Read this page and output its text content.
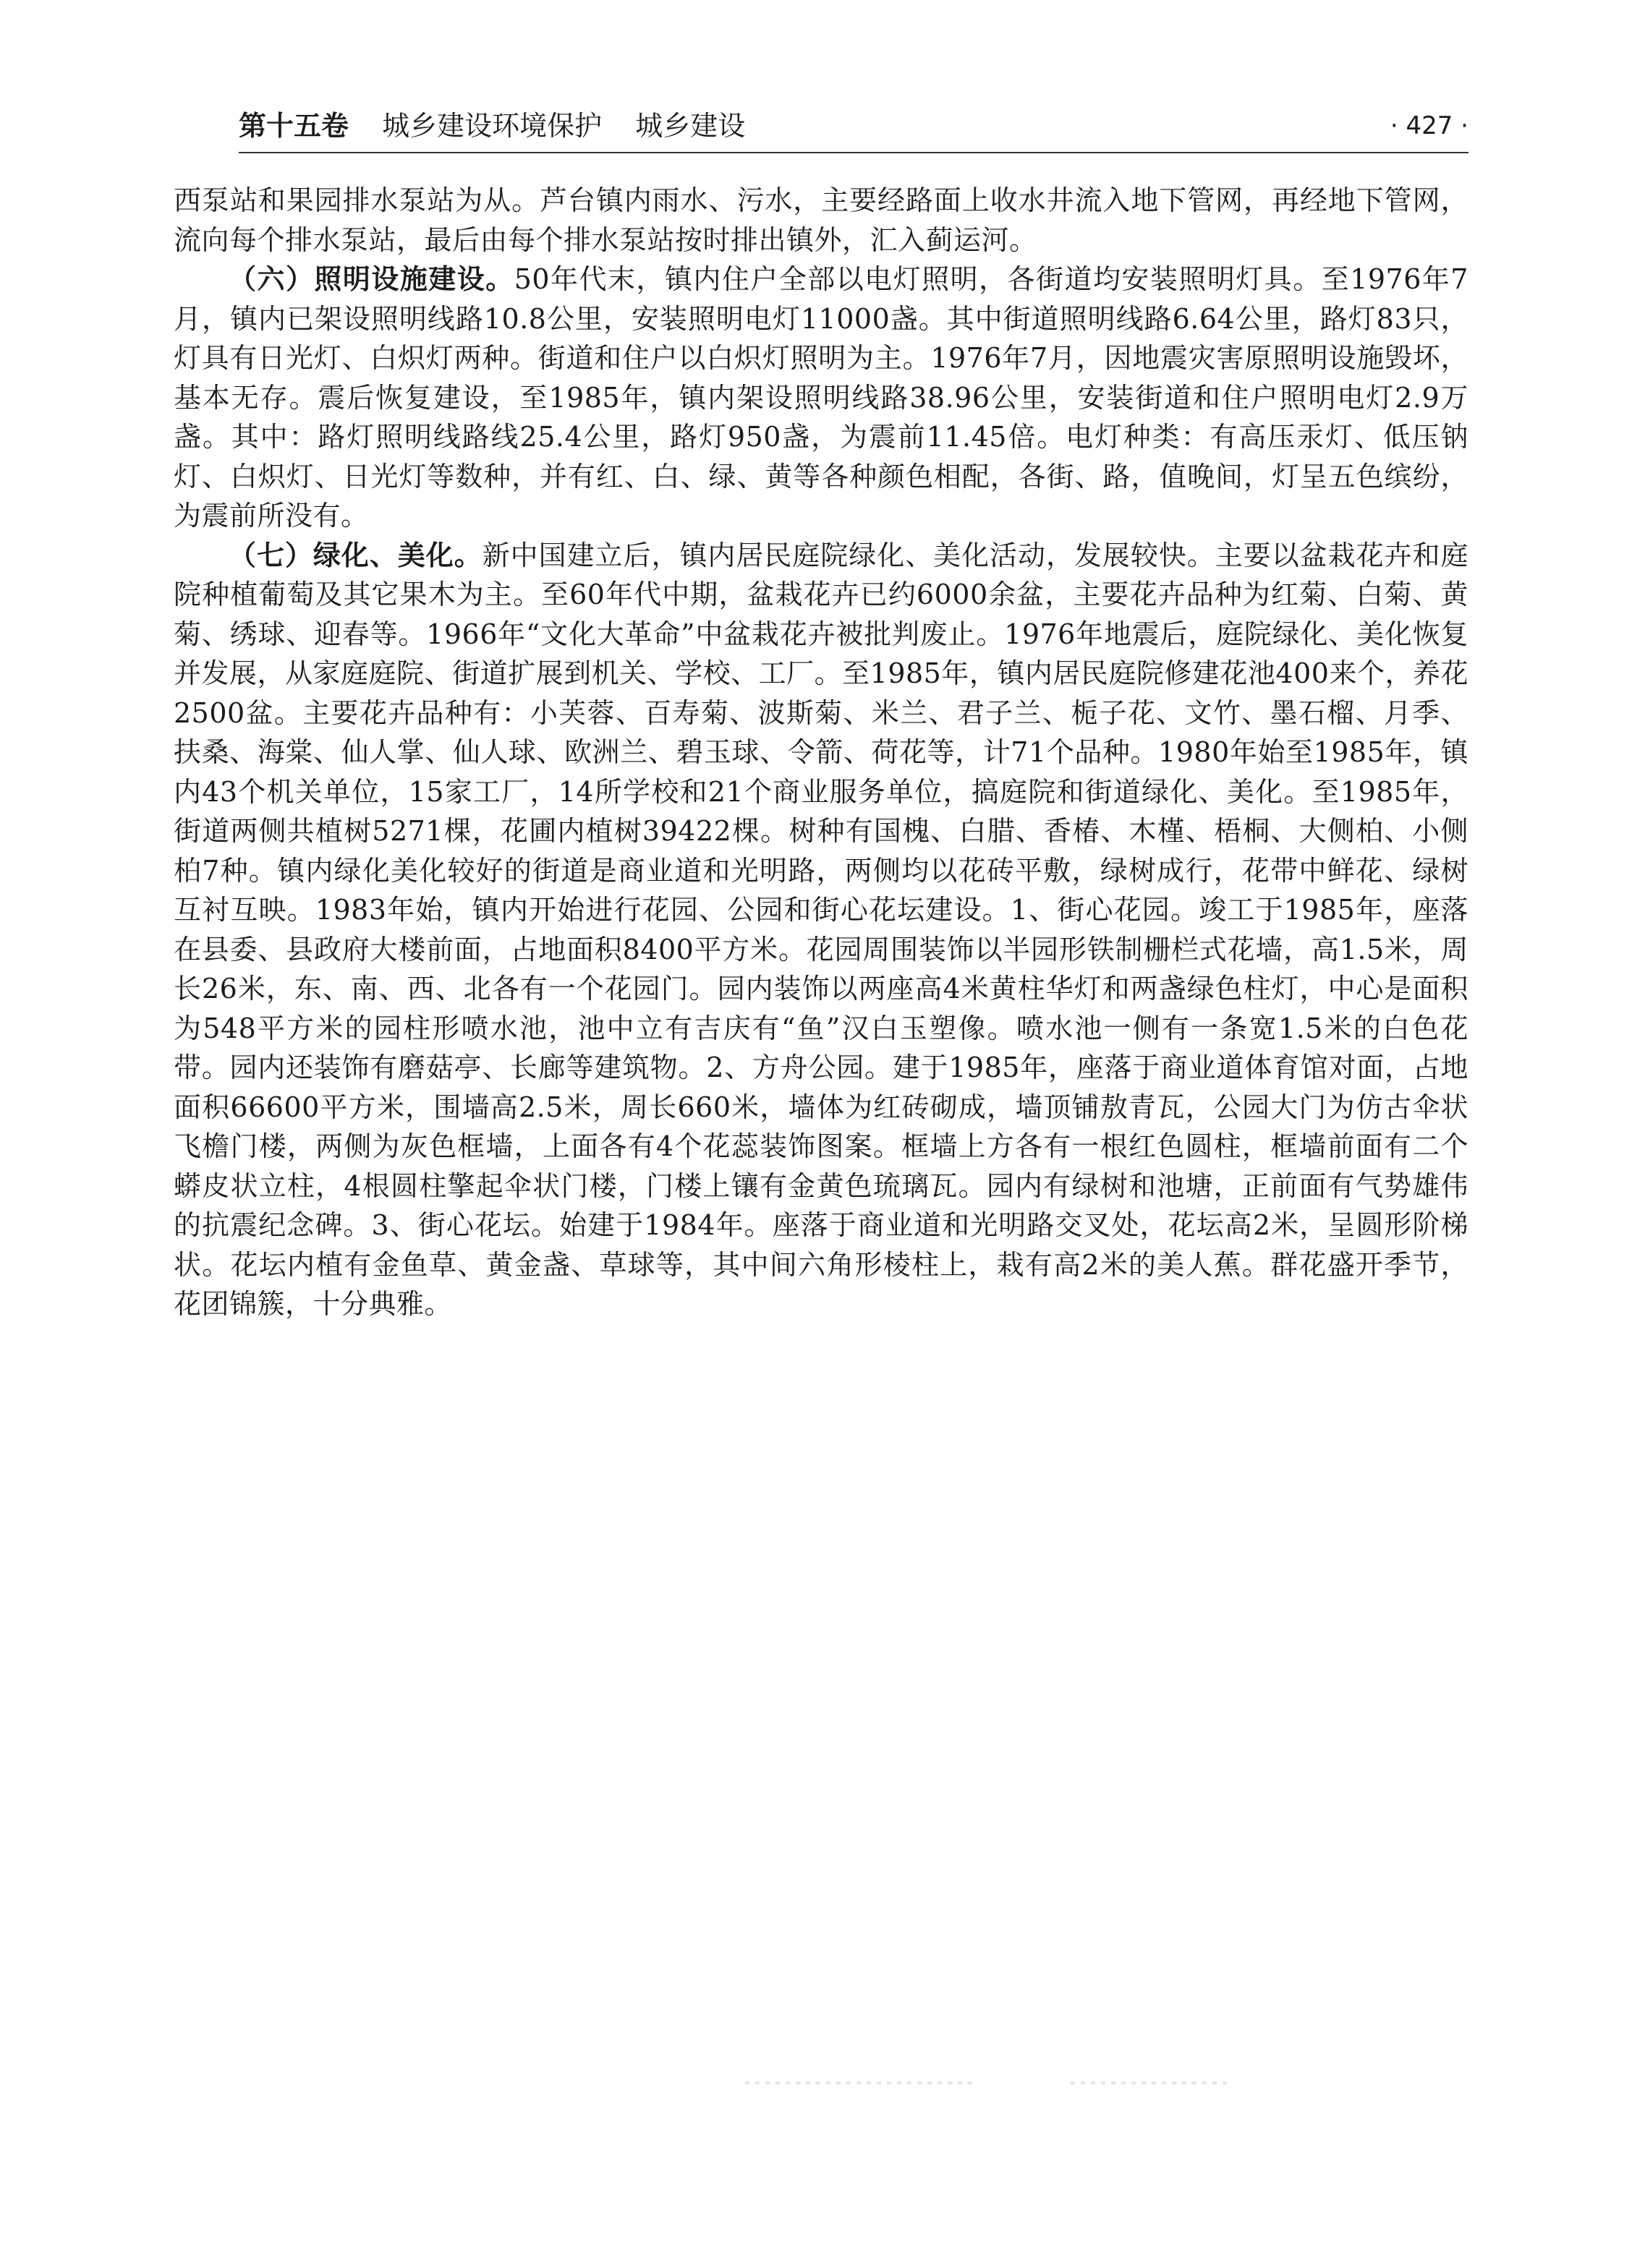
第十五卷 城乡建设环境保护 城乡建设	· 427 ·

西泵站和果园排水泵站为从。芦台镇内雨水、污水，主要经路面上收水井流入地下管网，再经地下管网，流向每个排水泵站，最后由每个排水泵站按时排出镇外，汇入蓟运河。

（六）照明设施建设。50年代末，镇内住户全部以电灯照明，各街道均安装照明灯具。至1976年7月，镇内已架设照明线路10.8公里，安装照明电灯11000盏。其中街道照明线路6.64公里，路灯83只，灯具有日光灯、白炽灯两种。街道和住户以白炽灯照明为主。1976年7月，因地震灾害原照明设施毁坏，基本无存。震后恢复建设，至1985年，镇内架设照明线路38.96公里，安装街道和住户照明电灯2.9万盏。其中：路灯照明线路线25.4公里，路灯950盏，为震前11.45倍。电灯种类：有高压汞灯、低压钠灯、白炽灯、日光灯等数种，并有红、白、绿、黄等各种颜色相配，各街、路，值晚间，灯呈五色缤纷，为震前所没有。

（七）绿化、美化。新中国建立后，镇内居民庭院绿化、美化活动，发展较快。主要以盆栽花卉和庭院种植葡萄及其它果木为主。至60年代中期，盆栽花卉已约6000余盆，主要花卉品种为红菊、白菊、黄菊、绣球、迎春等。1966年“文化大革命”中盆栽花卉被批判废止。1976年地震后，庭院绿化、美化恢复并发展，从家庭庭院、街道扩展到机关、学校、工厂。至1985年，镇内居民庭院修建花池400来个，养花2500盆。主要花卉品种有：小芙蓉、百寿菊、波斯菊、米兰、君子兰、栀子花、文竹、墨石榴、月季、扶桑、海棠、仙人掌、仙人球、欧洲兰、碧玉球、令箭、荷花等，计71个品种。1980年始至1985年，镇内43个机关单位，15家工厂，14所学校和21个商业服务单位，搞庭院和街道绿化、美化。至1985年，街道两侧共植树5271棵，花圃内植树39422棵。树种有国槐、白腊、香椿、木槿、梧桐、大侧柏、小侧柏7种。镇内绿化美化较好的街道是商业道和光明路，两侧均以花砖平敷，绿树成行，花带中鲜花、绿树互衬互映。1983年始，镇内开始进行花园、公园和街心花坛建设。1、街心花园。竣工于1985年，座落在县委、县政府大楼前面，占地面积8400平方米。花园周围装饰以半园形铁制栅栏式花墙，高1.5米，周长26米，东、南、西、北各有一个花园门。园内装饰以两座高4米黄柱华灯和两盏绿色柱灯，中心是面积为548平方米的园柱形喷水池，池中立有吉庆有“鱼”汉白玉塑像。喷水池一侧有一条宽1.5米的白色花带。园内还装饰有磨菇亭、长廊等建筑物。2、方舟公园。建于1985年，座落于商业道体育馆对面，占地面积66600平方米，围墙高2.5米，周长660米，墙体为红砖砌成，墙顶铺敖青瓦，公园大门为仿古伞状飞檐门楼，两侧为灰色框墙，上面各有4个花蕊装饰图案。框墙上方各有一根红色圆柱，框墙前面有二个蟒皮状立柱，4根圆柱擎起伞状门楼，门楼上镶有金黄色琉璃瓦。园内有绿树和池塘，正前面有气势雄伟的抗震纪念碑。3、街心花坛。始建于1984年。座落于商业道和光明路交叉处，花坛高2米，呈圆形阶梯状。花坛内植有金鱼草、黄金盏、草球等，其中间六角形棱柱上，栽有高2米的美人蕉。群花盛开季节，花团锦簇，十分典雅。
